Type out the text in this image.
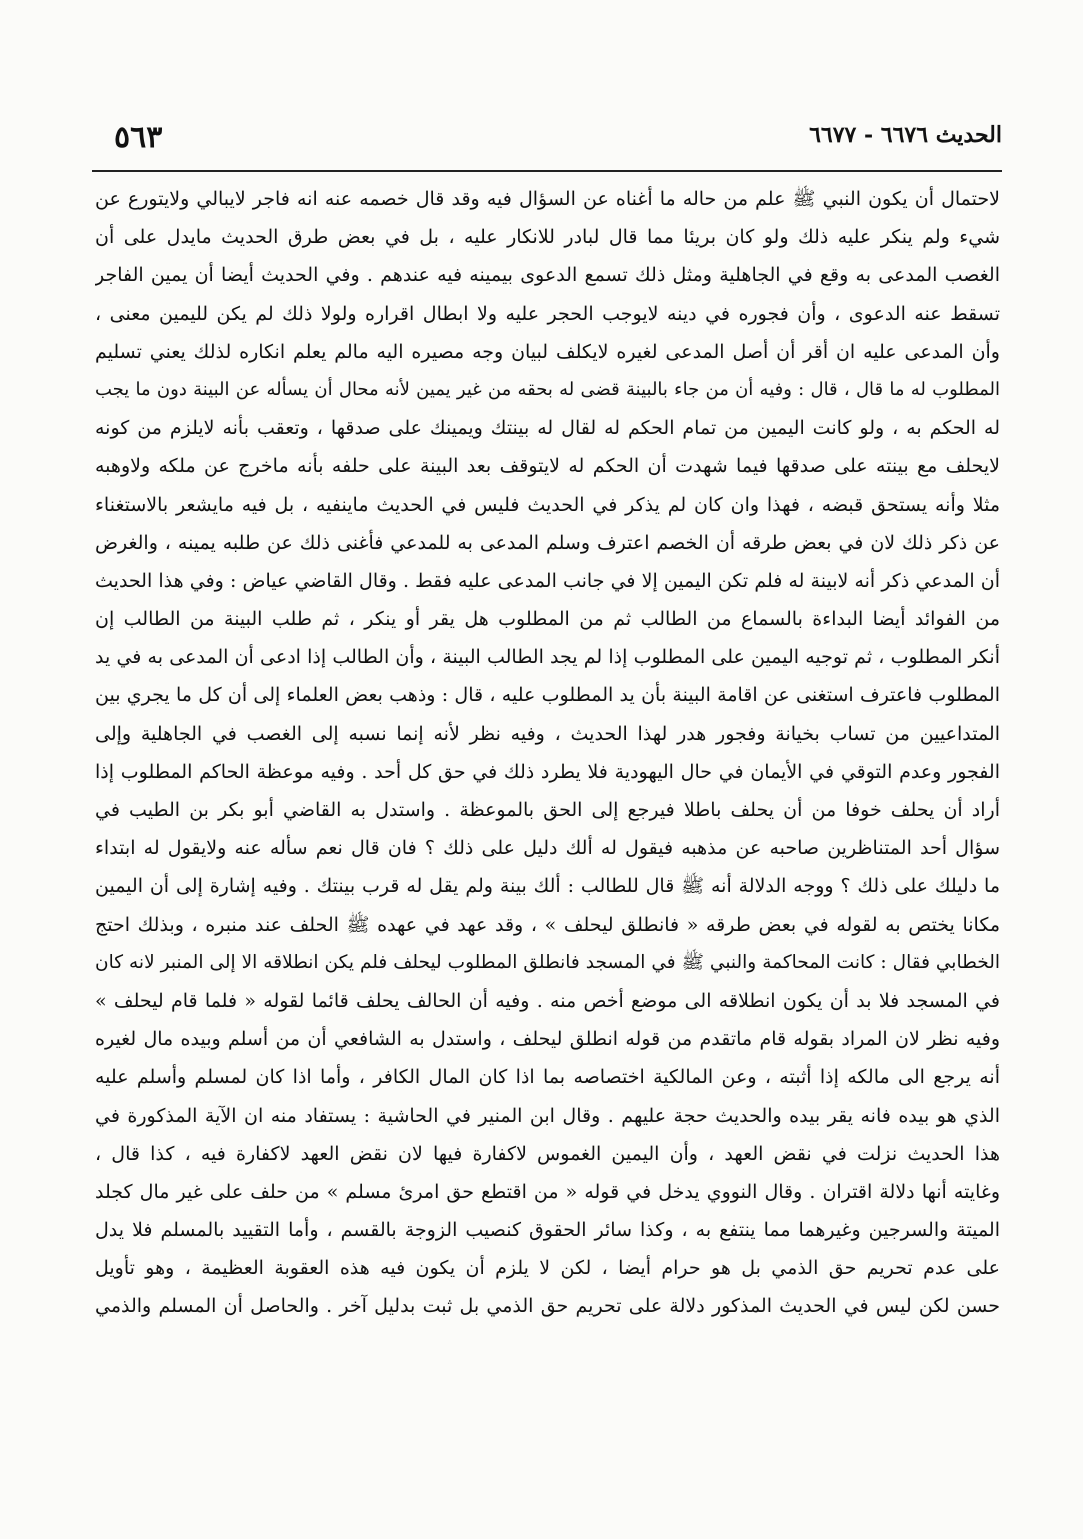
الحديث ٦٦٧٦ - ٦٦٧٧
٥٦٣
لاحتمال أن يكون النبي ﷺ علم من حاله ما أغناه عن السؤال فيه وقد قال خصمه عنه انه فاجر لايبالي ولايتورع عن
شيء ولم ينكر عليه ذلك ولو كان بريئا مما قال لبادر للانكار عليه ، بل في بعض طرق الحديث مايدل على أن
الغصب المدعى به وقع في الجاهلية ومثل ذلك تسمع الدعوى بيمينه فيه عندهم . وفي الحديث أيضا أن يمين الفاجر
تسقط عنه الدعوى ، وأن فجوره في دينه لايوجب الحجر عليه ولا ابطال اقراره ولولا ذلك لم يكن لليمين معنى ،
وأن المدعى عليه ان أقر أن أصل المدعى لغيره لايكلف لبيان وجه مصيره اليه مالم يعلم انكاره لذلك يعني تسليم
المطلوب له ما قال ، قال : وفيه أن من جاء بالبينة قضى له بحقه من غير يمين لأنه محال أن يسأله عن البينة دون ما يجب
له الحكم به ، ولو كانت اليمين من تمام الحكم له لقال له بينتك ويمينك على صدقها ، وتعقب بأنه لايلزم من كونه
لايحلف مع بينته على صدقها فيما شهدت أن الحكم له لايتوقف بعد البينة على حلفه بأنه ماخرج عن ملكه ولاوهبه
مثلا وأنه يستحق قبضه ، فهذا وان كان لم يذكر في الحديث فليس في الحديث ماينفيه ، بل فيه مايشعر بالاستغناء
عن ذكر ذلك لان في بعض طرقه أن الخصم اعترف وسلم المدعى به للمدعي فأغنى ذلك عن طلبه يمينه ، والغرض
أن المدعي ذكر أنه لابينة له فلم تكن اليمين إلا في جانب المدعى عليه فقط . وقال القاضي عياض : وفي هذا الحديث
من الفوائد أيضا البداءة بالسماع من الطالب ثم من المطلوب هل يقر أو ينكر ، ثم طلب البينة من الطالب إن
أنكر المطلوب ، ثم توجيه اليمين على المطلوب إذا لم يجد الطالب البينة ، وأن الطالب إذا ادعى أن المدعى به في يد
المطلوب فاعترف استغنى عن اقامة البينة بأن يد المطلوب عليه ، قال : وذهب بعض العلماء إلى أن كل ما يجري بين
المتداعيين من تساب بخيانة وفجور هدر لهذا الحديث ، وفيه نظر لأنه إنما نسبه إلى الغصب في الجاهلية وإلى
الفجور وعدم التوقي في الأيمان في حال اليهودية فلا يطرد ذلك في حق كل أحد . وفيه موعظة الحاكم المطلوب إذا
أراد أن يحلف خوفا من أن يحلف باطلا فيرجع إلى الحق بالموعظة . واستدل به القاضي أبو بكر بن الطيب في
سؤال أحد المتناظرين صاحبه عن مذهبه فيقول له ألك دليل على ذلك ؟ فان قال نعم سأله عنه ولايقول له ابتداء
ما دليلك على ذلك ؟ ووجه الدلالة أنه ﷺ قال للطالب : ألك بينة ولم يقل له قرب بينتك . وفيه إشارة إلى أن اليمين
مكانا يختص به لقوله في بعض طرقه « فانطلق ليحلف » ، وقد عهد في عهده ﷺ الحلف عند منبره ، وبذلك احتج
الخطابي فقال : كانت المحاكمة والنبي ﷺ في المسجد فانطلق المطلوب ليحلف فلم يكن انطلاقه الا إلى المنبر لانه كان
في المسجد فلا بد أن يكون انطلاقه الى موضع أخص منه . وفيه أن الحالف يحلف قائما لقوله « فلما قام ليحلف »
وفيه نظر لان المراد بقوله قام ماتقدم من قوله انطلق ليحلف ، واستدل به الشافعي أن من أسلم وبيده مال لغيره
أنه يرجع الى مالكه إذا أثبته ، وعن المالكية اختصاصه بما اذا كان المال الكافر ، وأما اذا كان لمسلم وأسلم عليه
الذي هو بيده فانه يقر بيده والحديث حجة عليهم . وقال ابن المنير في الحاشية : يستفاد منه ان الآية المذكورة في
هذا الحديث نزلت في نقض العهد ، وأن اليمين الغموس لاكفارة فيها لان نقض العهد لاكفارة فيه ، كذا قال ،
وغايته أنها دلالة اقتران . وقال النووي يدخل في قوله « من اقتطع حق امرئ مسلم » من حلف على غير مال كجلد
الميتة والسرجين وغيرهما مما ينتفع به ، وكذا سائر الحقوق كنصيب الزوجة بالقسم ، وأما التقييد بالمسلم فلا يدل
على عدم تحريم حق الذمي بل هو حرام أيضا ، لكن لا يلزم أن يكون فيه هذه العقوبة العظيمة ، وهو تأويل
حسن لكن ليس في الحديث المذكور دلالة على تحريم حق الذمي بل ثبت بدليل آخر . والحاصل أن المسلم والذمي
